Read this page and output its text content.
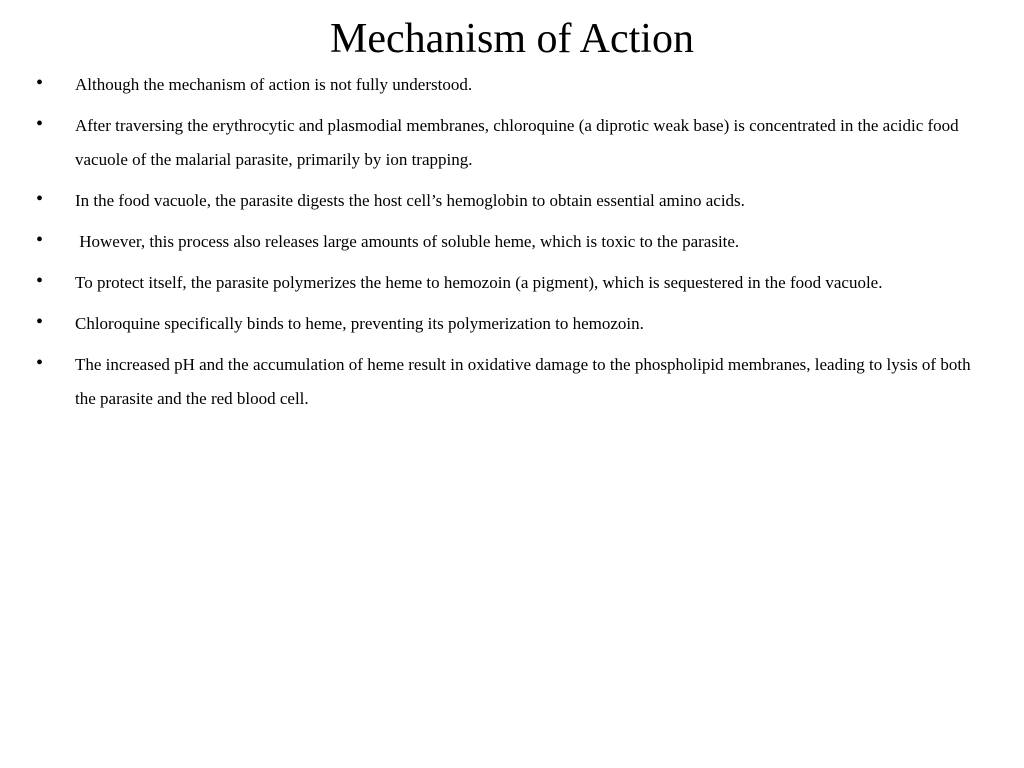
Mechanism of Action
• Although the mechanism of action is not fully understood.
• After traversing the erythrocytic and plasmodial membranes, chloroquine (a diprotic weak base) is concentrated in the acidic food vacuole of the malarial parasite, primarily by ion trapping.
• In the food vacuole, the parasite digests the host cell’s hemoglobin to obtain essential amino acids.
• However, this process also releases large amounts of soluble heme, which is toxic to the parasite.
• To protect itself, the parasite polymerizes the heme to hemozoin (a pigment), which is sequestered in the food vacuole.
• Chloroquine specifically binds to heme, preventing its polymerization to hemozoin.
• The increased pH and the accumulation of heme result in oxidative damage to the phospholipid membranes, leading to lysis of both the parasite and the red blood cell.
